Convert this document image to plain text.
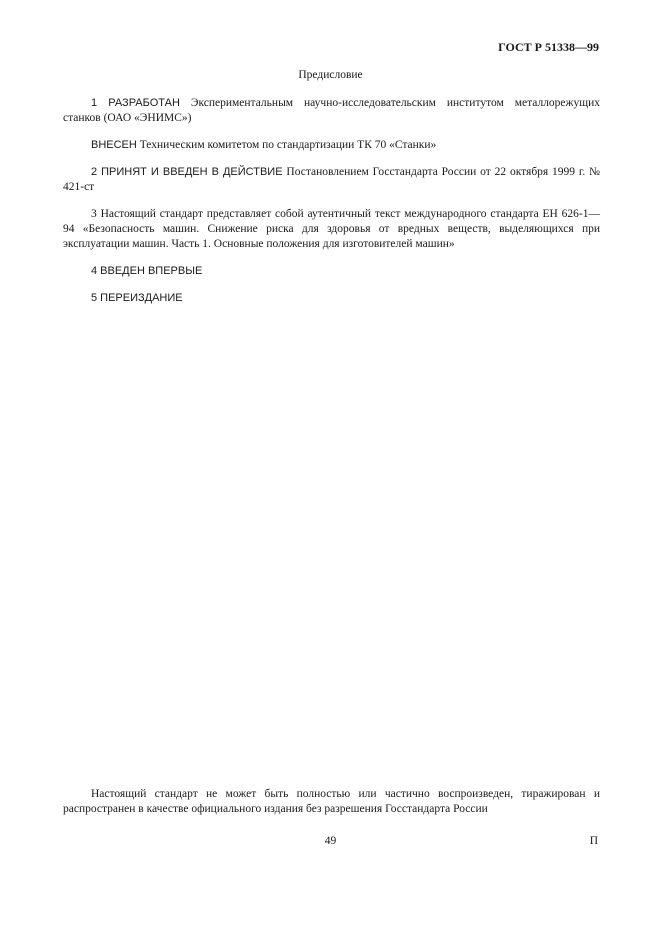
ГОСТ Р 51338—99
Предисловие

1 РАЗРАБОТАН Экспериментальным научно-исследовательским институтом металлорежущих станков (ОАО «ЭНИМС»)

ВНЕСЕН Техническим комитетом по стандартизации ТК 70 «Станки»

2 ПРИНЯТ И ВВЕДЕН В ДЕЙСТВИЕ Постановлением Госстандарта России от 22 октября 1999 г. № 421-ст

3 Настоящий стандарт представляет собой аутентичный текст международного стандарта ЕН 626-1—94 «Безопасность машин. Снижение риска для здоровья от вредных веществ, выделяющихся при эксплуатации машин. Часть 1. Основные положения для изготовителей машин»

4 ВВЕДЕН ВПЕРВЫЕ

5 ПЕРЕИЗДАНИЕ

Настоящий стандарт не может быть полностью или частично воспроизведен, тиражирован и распространен в качестве официального издания без разрешения Госстандарта России

49	П
